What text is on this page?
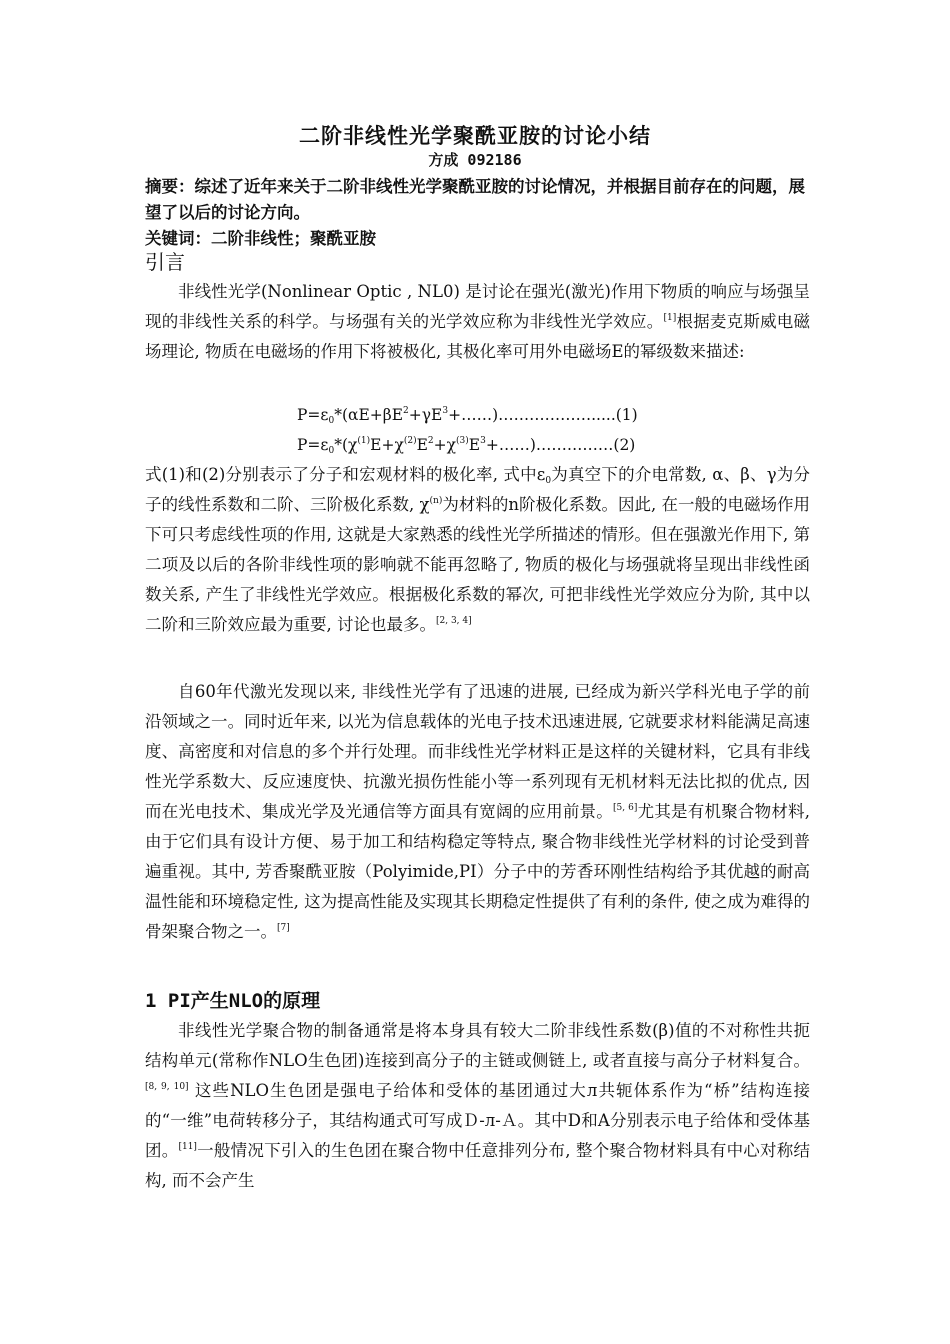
二阶非线性光学聚酰亚胺的讨论小结
方成 092186
摘要：综述了近年来关于二阶非线性光学聚酰亚胺的讨论情况，并根据目前存在的问题，展望了以后的讨论方向。
关键词：二阶非线性；聚酰亚胺
引言
非线性光学(Nonlinear Optic , NL0) 是讨论在强光(激光)作用下物质的响应与场强呈现的非线性关系的科学。与场强有关的光学效应称为非线性光学效应。[1]根据麦克斯威电磁场理论, 物质在电磁场的作用下将被极化, 其极化率可用外电磁场E的幂级数来描述:
$P=\varepsilon_0*(\alpha E+\beta E^2+\gamma E^3+\dots\dots)\dots\dots\dots\dots\dots\dots.....(1)$
$P=\varepsilon_0*(\chi^{(1)}E+\chi^{(2)}E^2+\chi^{(3)}E^3+\dots\dots)\dots\dots\dots\dots\dots(2)$
式(1)和(2)分别表示了分子和宏观材料的极化率, 式中$\varepsilon_0$为真空下的介电常数, α、β、γ为分子的线性系数和二阶、三阶极化系数, $\chi^{(n)}$为材料的n阶极化系数。因此, 在一般的电磁场作用下可只考虑线性项的作用, 这就是大家熟悉的线性光学所描述的情形。但在强激光作用下, 第二项及以后的各阶非线性项的影响就不能再忽略了, 物质的极化与场强就将呈现出非线性函数关系, 产生了非线性光学效应。根据极化系数的幂次, 可把非线性光学效应分为阶, 其中以二阶和三阶效应最为重要, 讨论也最多。[2, 3, 4]
自60年代激光发现以来, 非线性光学有了迅速的进展, 已经成为新兴学科光电子学的前沿领域之一。同时近年来, 以光为信息载体的光电子技术迅速进展, 它就要求材料能满足高速度、高密度和对信息的多个并行处理。而非线性光学材料正是这样的关键材料，它具有非线性光学系数大、反应速度快、抗激光损伤性能小等一系列现有无机材料无法比拟的优点, 因而在光电技术、集成光学及光通信等方面具有宽阔的应用前景。[5, 6]尤其是有机聚合物材料, 由于它们具有设计方便、易于加工和结构稳定等特点, 聚合物非线性光学材料的讨论受到普遍重视。其中, 芳香聚酰亚胺（Polyimide,PI）分子中的芳香环刚性结构给予其优越的耐高温性能和环境稳定性, 这为提高性能及实现其长期稳定性提供了有利的条件, 使之成为难得的骨架聚合物之一。[7]
1 PI产生NLO的原理
非线性光学聚合物的制备通常是将本身具有较大二阶非线性系数(β)值的不对称性共扼结构单元(常称作NLO生色团)连接到高分子的主链或侧链上, 或者直接与高分子材料复合。[8, 9, 10] 这些NLO生色团是强电子给体和受体的基团通过大л共轭体系作为“桥”结构连接的“一维”电荷转移分子，其结构通式可写成Ｄ-л-Ａ。其中D和A分别表示电子给体和受体基团。[11]一般情况下引入的生色团在聚合物中任意排列分布, 整个聚合物材料具有中心对称结构, 而不会产生
